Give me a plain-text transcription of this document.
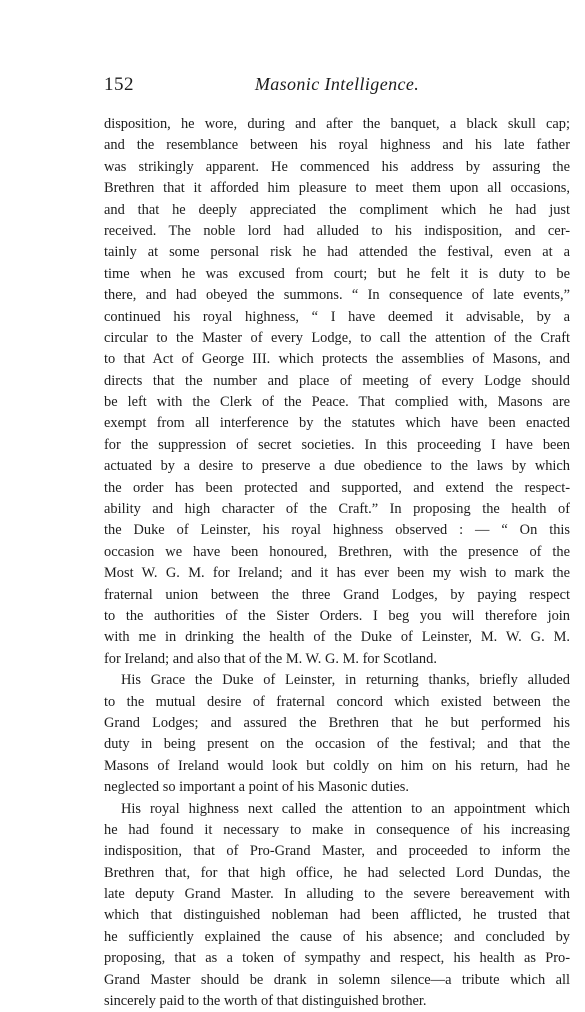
152	Masonic Intelligence.
disposition, he wore, during and after the banquet, a black skull cap;
and the resemblance between his royal highness and his late father
was strikingly apparent. He commenced his address by assuring the
Brethren that it afforded him pleasure to meet them upon all occasions,
and that he deeply appreciated the compliment which he had just
received. The noble lord had alluded to his indisposition, and cer-
tainly at some personal risk he had attended the festival, even at a
time when he was excused from court; but he felt it is duty to be
there, and had obeyed the summons. “ In consequence of late events,”
continued his royal highness, “ I have deemed it advisable, by a
circular to the Master of every Lodge, to call the attention of the Craft
to that Act of George III. which protects the assemblies of Masons, and
directs that the number and place of meeting of every Lodge should
be left with the Clerk of the Peace. That complied with, Masons are
exempt from all interference by the statutes which have been enacted
for the suppression of secret societies. In this proceeding I have been
actuated by a desire to preserve a due obedience to the laws by which
the order has been protected and supported, and extend the respect-
ability and high character of the Craft.” In proposing the health of
the Duke of Leinster, his royal highness observed : — “ On this
occasion we have been honoured, Brethren, with the presence of the
Most W. G. M. for Ireland; and it has ever been my wish to mark the
fraternal union between the three Grand Lodges, by paying respect
to the authorities of the Sister Orders. I beg you will therefore join
with me in drinking the health of the Duke of Leinster, M. W. G. M.
for Ireland; and also that of the M. W. G. M. for Scotland.
His Grace the Duke of Leinster, in returning thanks, briefly alluded
to the mutual desire of fraternal concord which existed between the
Grand Lodges; and assured the Brethren that he but performed his
duty in being present on the occasion of the festival; and that the
Masons of Ireland would look but coldly on him on his return, had he
neglected so important a point of his Masonic duties.
His royal highness next called the attention to an appointment which
he had found it necessary to make in consequence of his increasing
indisposition, that of Pro-Grand Master, and proceeded to inform the
Brethren that, for that high office, he had selected Lord Dundas, the
late deputy Grand Master. In alluding to the severe bereavement with
which that distinguished nobleman had been afflicted, he trusted that
he sufficiently explained the cause of his absence; and concluded by
proposing, that as a token of sympathy and respect, his health as Pro-
Grand Master should be drank in solemn silence—a tribute which all
sincerely paid to the worth of that distinguished brother.
